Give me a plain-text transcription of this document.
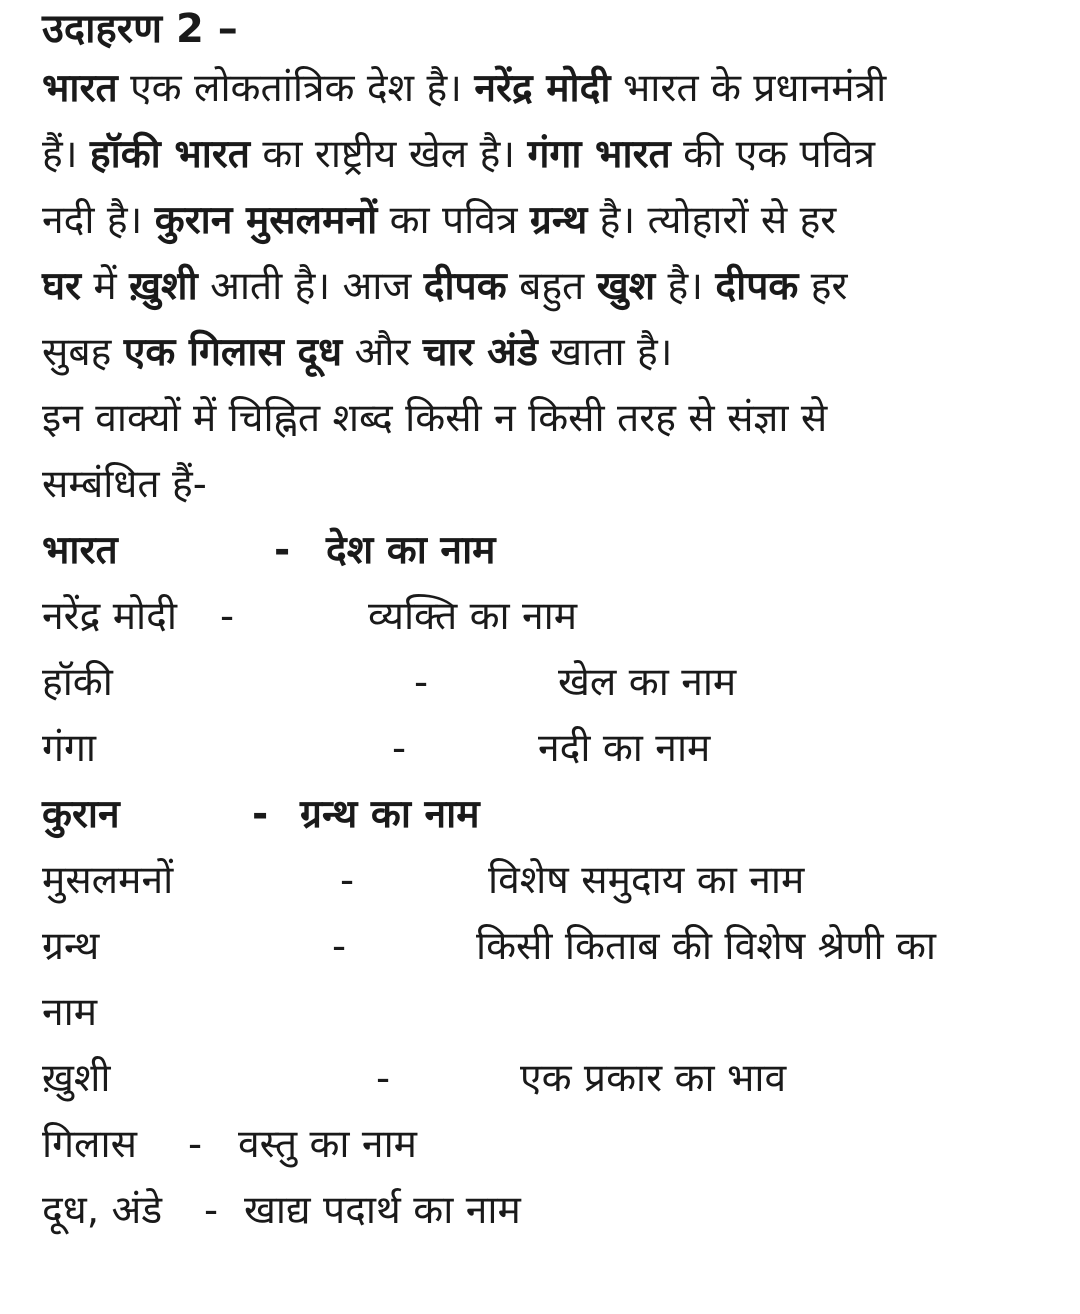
उदाहरण 2 –

भारत एक लोकतांत्रिक देश है। नरेंद्र मोदी भारत के प्रधानमंत्री
हैं। हॉकी भारत का राष्ट्रीय खेल है। गंगा भारत की एक पवित्र
नदी है। कुरान मुसलमनों का पवित्र ग्रन्थ है। त्योहारों से हर
घर में ख़ुशी आती है। आज दीपक बहुत खुश है। दीपक हर
सुबह एक गिलास दूध और चार अंडे खाता है।

इन वाक्यों में चिह्नित शब्द किसी न किसी तरह से संज्ञा से
सम्बंधित हैं-

भारत	- देश का नाम
नरेंद्र मोदी -	व्यक्ति का नाम
हॉकी	-	खेल का नाम
गंगा	-	नदी का नाम
कुरान	- ग्रन्थ का नाम
मुसलमनों	-	विशेष समुदाय का नाम
ग्रन्थ	-	किसी किताब की विशेष श्रेणी का
नाम
ख़ुशी	-	एक प्रकार का भाव
गिलास - वस्तु का नाम
दूध, अंडे - खाद्य पदार्थ का नाम
